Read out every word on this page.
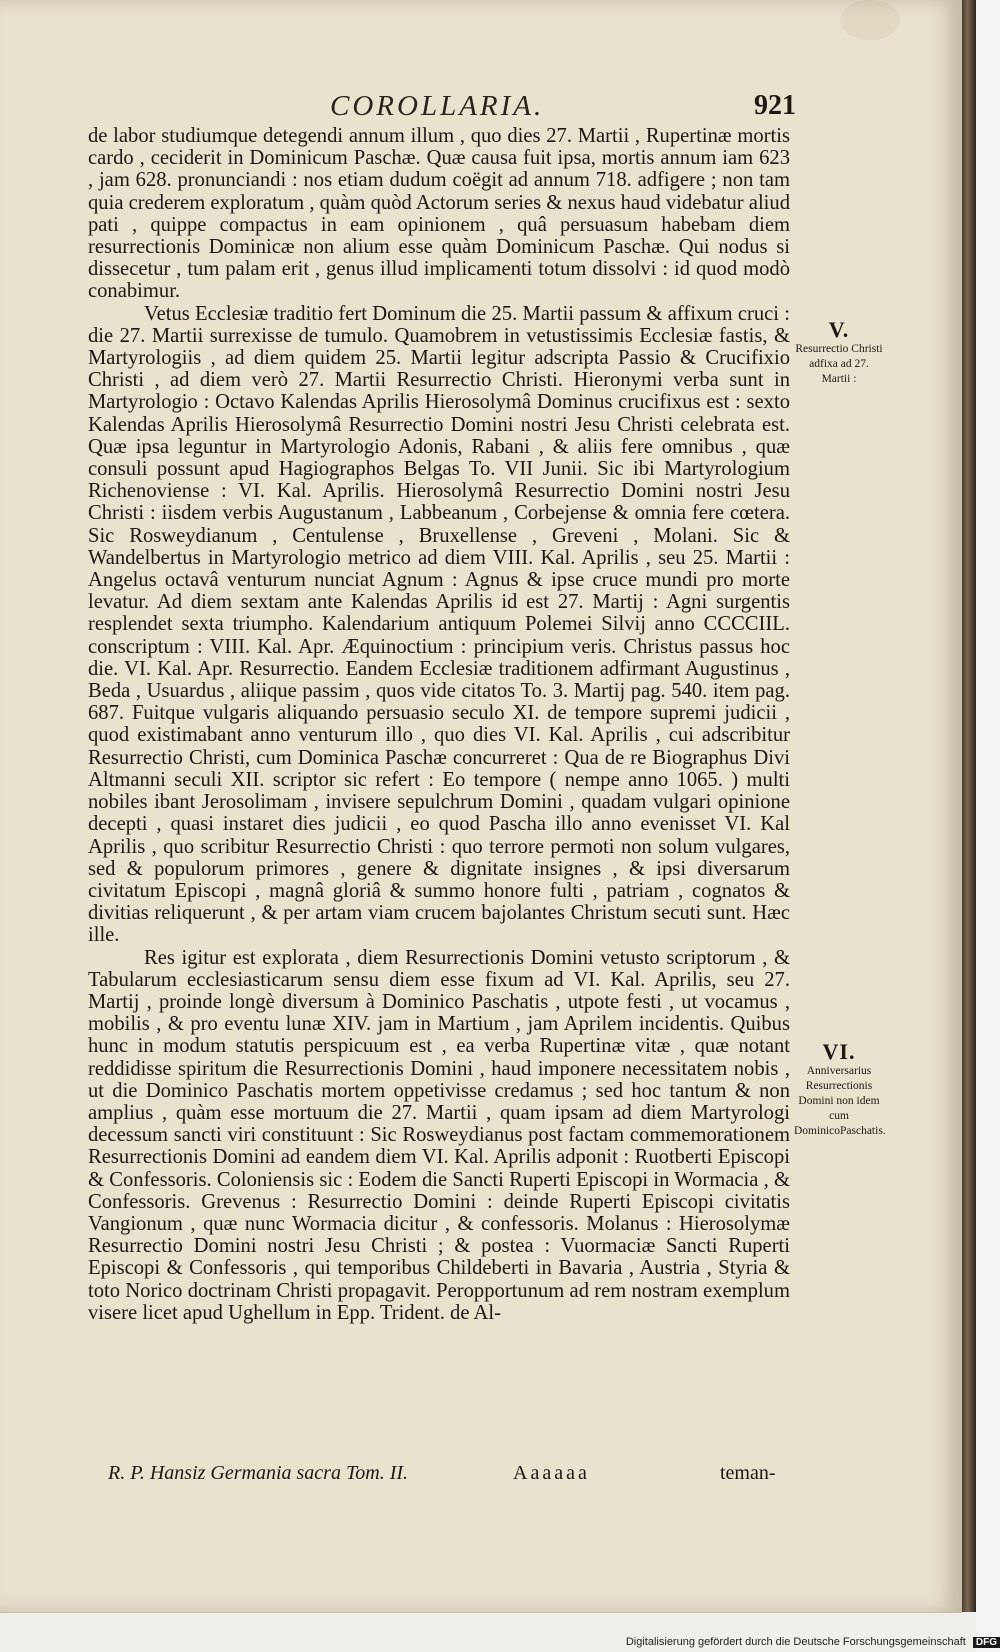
COROLLARIA.	921

de labor studiumque detegendi annum illum , quo dies 27. Martii , Rupertinæ mortis cardo , ceciderit in Dominicum Paschæ. Quæ causa fuit ipsa, mortis annum iam 623 , jam 628. pronunciandi : nos etiam dudum coëgit ad annum 718. adfigere ; non tam quia crederem exploratum , quàm quòd Actorum series & nexus haud videbatur aliud pati , quippe compactus in eam opinionem , quâ persuasum habebam diem resurrectionis Dominicæ non alium esse quàm Dominicum Paschæ. Qui nodus si dissecetur , tum palam erit , genus illud implicamenti totum dissolvi : id quod modò conabimur.

Vetus Ecclesiæ traditio fert Dominum die 25. Martii passum & affixum cruci : die 27. Martii surrexisse de tumulo. Quamobrem in vetustissimis Ecclesiæ fastis, & Martyrologiis , ad diem quidem 25. Martii legitur adscripta Passio & Crucifixio Christi , ad diem verò 27. Martii Resurrectio Christi. Hieronymi verba sunt in Martyrologio : Octavo Kalendas Aprilis Hierosolymâ Dominus crucifixus est : sexto Kalendas Aprilis Hierosolymâ Resurrectio Domini nostri Jesu Christi celebrata est. Quæ ipsa leguntur in Martyrologio Adonis, Rabani , & aliis fere omnibus , quæ consuli possunt apud Hagiographos Belgas To. VII Junii. Sic ibi Martyrologium Richenoviense : VI. Kal. Aprilis. Hierosolymâ Resurrectio Domini nostri Jesu Christi : iisdem verbis Augustanum , Labbeanum , Corbejense & omnia fere cœtera. Sic Rosweydianum , Centulense , Bruxellense , Greveni , Molani. Sic & Wandelbertus in Martyrologio metrico ad diem VIII. Kal. Aprilis , seu 25. Martii : Angelus octavâ venturum nunciat Agnum : Agnus & ipse cruce mundi pro morte levatur. Ad diem sextam ante Kalendas Aprilis id est 27. Martij : Agni surgentis resplendet sexta triumpho. Kalendarium antiquum Polemei Silvij anno CCCCIIL. conscriptum : VIII. Kal. Apr. Æquinoctium : principium veris. Christus passus hoc die. VI. Kal. Apr. Resurrectio. Eandem Ecclesiæ traditionem adfirmant Augustinus , Beda , Usuardus , aliique passim , quos vide citatos To. 3. Martij pag. 540. item pag. 687. Fuitque vulgaris aliquando persuasio seculo XI. de tempore supremi judicii , quod existimabant anno venturum illo , quo dies VI. Kal. Aprilis , cui adscribitur Resurrectio Christi, cum Dominica Paschæ concurreret : Qua de re Biographus Divi Altmanni seculi XII. scriptor sic refert : Eo tempore ( nempe anno 1065. ) multi nobiles ibant Jerosolimam , invisere sepulchrum Domini , quadam vulgari opinione decepti , quasi instaret dies judicii , eo quod Pascha illo anno evenisset VI. Kal Aprilis , quo scribitur Resurrectio Christi : quo terrore permoti non solum vulgares, sed & populorum primores , genere & dignitate insignes , & ipsi diversarum civitatum Episcopi , magnâ gloriâ & summo honore fulti , patriam , cognatos & divitias reliquerunt , & per artam viam crucem bajolantes Christum secuti sunt. Hæc ille.

Res igitur est explorata , diem Resurrectionis Domini vetusto scriptorum , & Tabularum ecclesiasticarum sensu diem esse fixum ad VI. Kal. Aprilis, seu 27. Martij , proinde longè diversum à Dominico Paschatis , utpote festi , ut vocamus , mobilis , & pro eventu lunæ XIV. jam in Martium , jam Aprilem incidentis. Quibus hunc in modum statutis perspicuum est , ea verba Rupertinæ vitæ , quæ notant reddidisse spiritum die Resurrectionis Domini , haud imponere necessitatem nobis , ut die Dominico Paschatis mortem oppetivisse credamus ; sed hoc tantum & non amplius , quàm esse mortuum die 27. Martii , quam ipsam ad diem Martyrologi decessum sancti viri constituunt : Sic Rosweydianus post factam commemorationem Resurrectionis Domini ad eandem diem VI. Kal. Aprilis adponit : Ruotberti Episcopi & Confessoris. Coloniensis sic : Eodem die Sancti Ruperti Episcopi in Wormacia , & Confessoris. Grevenus : Resurrectio Domini : deinde Ruperti Episcopi civitatis Vangionum , quæ nunc Wormacia dicitur , & confessoris. Molanus : Hierosolymæ Resurrectio Domini nostri Jesu Christi ; & postea : Vuormaciæ Sancti Ruperti Episcopi & Confessoris , qui temporibus Childeberti in Bavaria , Austria , Styria & toto Norico doctrinam Christi propagavit. Peropportunum ad rem nostram exemplum visere licet apud Ughellum in Epp. Trident. de Al-

V.
Resurrectio Christi adfixa ad 27. Martii :
VI.
Anniversarius Resurrectionis Domini non idem cum DominicoPaschatis.
R. P. Hansiz Germania sacra Tom. II.	Aaaaaa	teman-
Digitalisierung gefördert durch die Deutsche Forschungsgemeinschaft DFG
